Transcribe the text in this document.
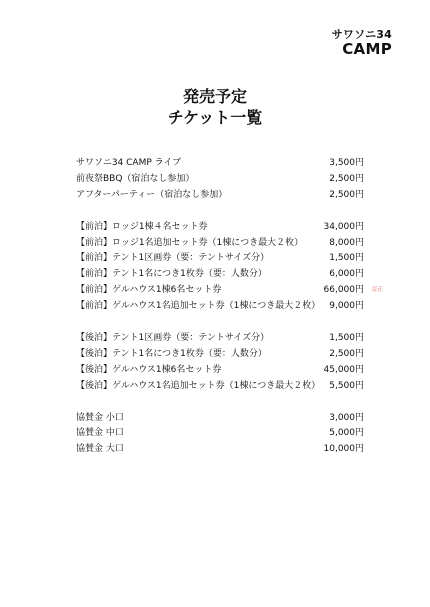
サワソニ34
CAMP
発売予定
チケット一覧
サワソニ34 CAMP ライブ	3,500円
前夜祭BBQ（宿泊なし参加）	2,500円
アフターパーティー（宿泊なし参加）	2,500円
【前泊】ロッジ1棟４名セット券	34,000円
【前泊】ロッジ1名追加セット券（1棟につき最大２枚）	8,000円
【前泊】テント1区画券（要：テントサイズ分）	1,500円
【前泊】テント1名につき1枚券（要：人数分）	6,000円
【前泊】ゲルハウス1棟6名セット券	66,000円 訂正
【前泊】ゲルハウス1名追加セット券（1棟につき最大２枚） 9,000円
【後泊】テント1区画券（要：テントサイズ分）	1,500円
【後泊】テント1名につき1枚券（要：人数分）	2,500円
【後泊】ゲルハウス1棟6名セット券	45,000円
【後泊】ゲルハウス1名追加セット券（1棟につき最大２枚） 5,500円
協賛金 小口	3,000円
協賛金 中口	5,000円
協賛金 大口	10,000円
